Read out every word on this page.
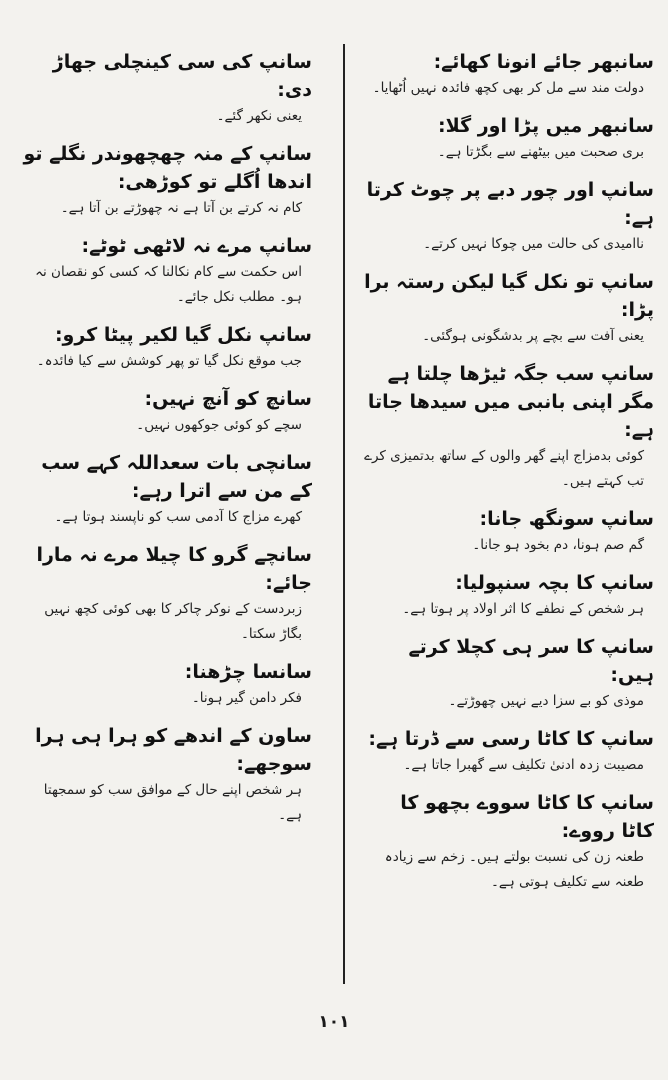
سانبھر جائے انونا کھائے:

دولت مند سے مل کر بھی کچھ فائدہ نہیں اُٹھایا۔

سانبھر میں پڑا اور گلا:

بری صحبت میں بیٹھنے سے بگڑتا ہے۔

سانپ اور چور دبے پر چوٹ کرتا ہے:

ناامیدی کی حالت میں چوکا نہیں کرتے۔

سانپ تو نکل گیا لیکن رستہ برا پڑا:

یعنی آفت سے بچے پر بدشگونی ہوگئی۔

سانپ سب جگہ ٹیڑھا چلتا ہے مگر اپنی بانبی میں سیدھا جاتا ہے:

کوئی بدمزاج اپنے گھر والوں کے ساتھ بدتمیزی کرے تب کہتے ہیں۔

سانپ سونگھ جانا:

گم صم ہونا، دم بخود ہو جانا۔

سانپ کا بچہ سنپولیا:

ہر شخص کے نطفے کا اثر اولاد پر ہوتا ہے۔

سانپ کا سر ہی کچلا کرتے ہیں:

موذی کو بے سزا دیے نہیں چھوڑتے۔

سانپ کا کاٹا رسی سے ڈرتا ہے:

مصیبت زدہ ادنیٰ تکلیف سے گھبرا جاتا ہے۔

سانپ کا کاٹا سووے بچھو کا کاٹا رووے:

طعنہ زن کی نسبت بولتے ہیں۔ زخم سے زیادہ طعنہ سے تکلیف ہوتی ہے۔

سانپ کی سی کینچلی جھاڑ دی:

یعنی نکھر گئے۔

سانپ کے منہ چھچھوندر نگلے تو اندھا اُگلے تو کوڑھی:

کام نہ کرتے بن آتا ہے نہ چھوڑتے بن آتا ہے۔

سانپ مرے نہ لاٹھی ٹوٹے:

اس حکمت سے کام نکالنا کہ کسی کو نقصان نہ ہو۔ مطلب نکل جائے۔

سانپ نکل گیا لکیر پیٹا کرو:

جب موقع نکل گیا تو پھر کوشش سے کیا فائدہ۔

سانچ کو آنچ نہیں:

سچے کو کوئی جوکھوں نہیں۔

سانچی بات سعداللہ کہے سب کے من سے اترا رہے:

کھرے مزاج کا آدمی سب کو ناپسند ہوتا ہے۔

سانچے گرو کا چیلا مرے نہ مارا جائے:

زبردست کے نوکر چاکر کا بھی کوئی کچھ نہیں بگاڑ سکتا۔

سانسا چڑھنا:

فکر دامن گیر ہونا۔

ساون کے اندھے کو ہرا ہی ہرا سوجھے:

ہر شخص اپنے حال کے موافق سب کو سمجھتا ہے۔

۱۰۱
